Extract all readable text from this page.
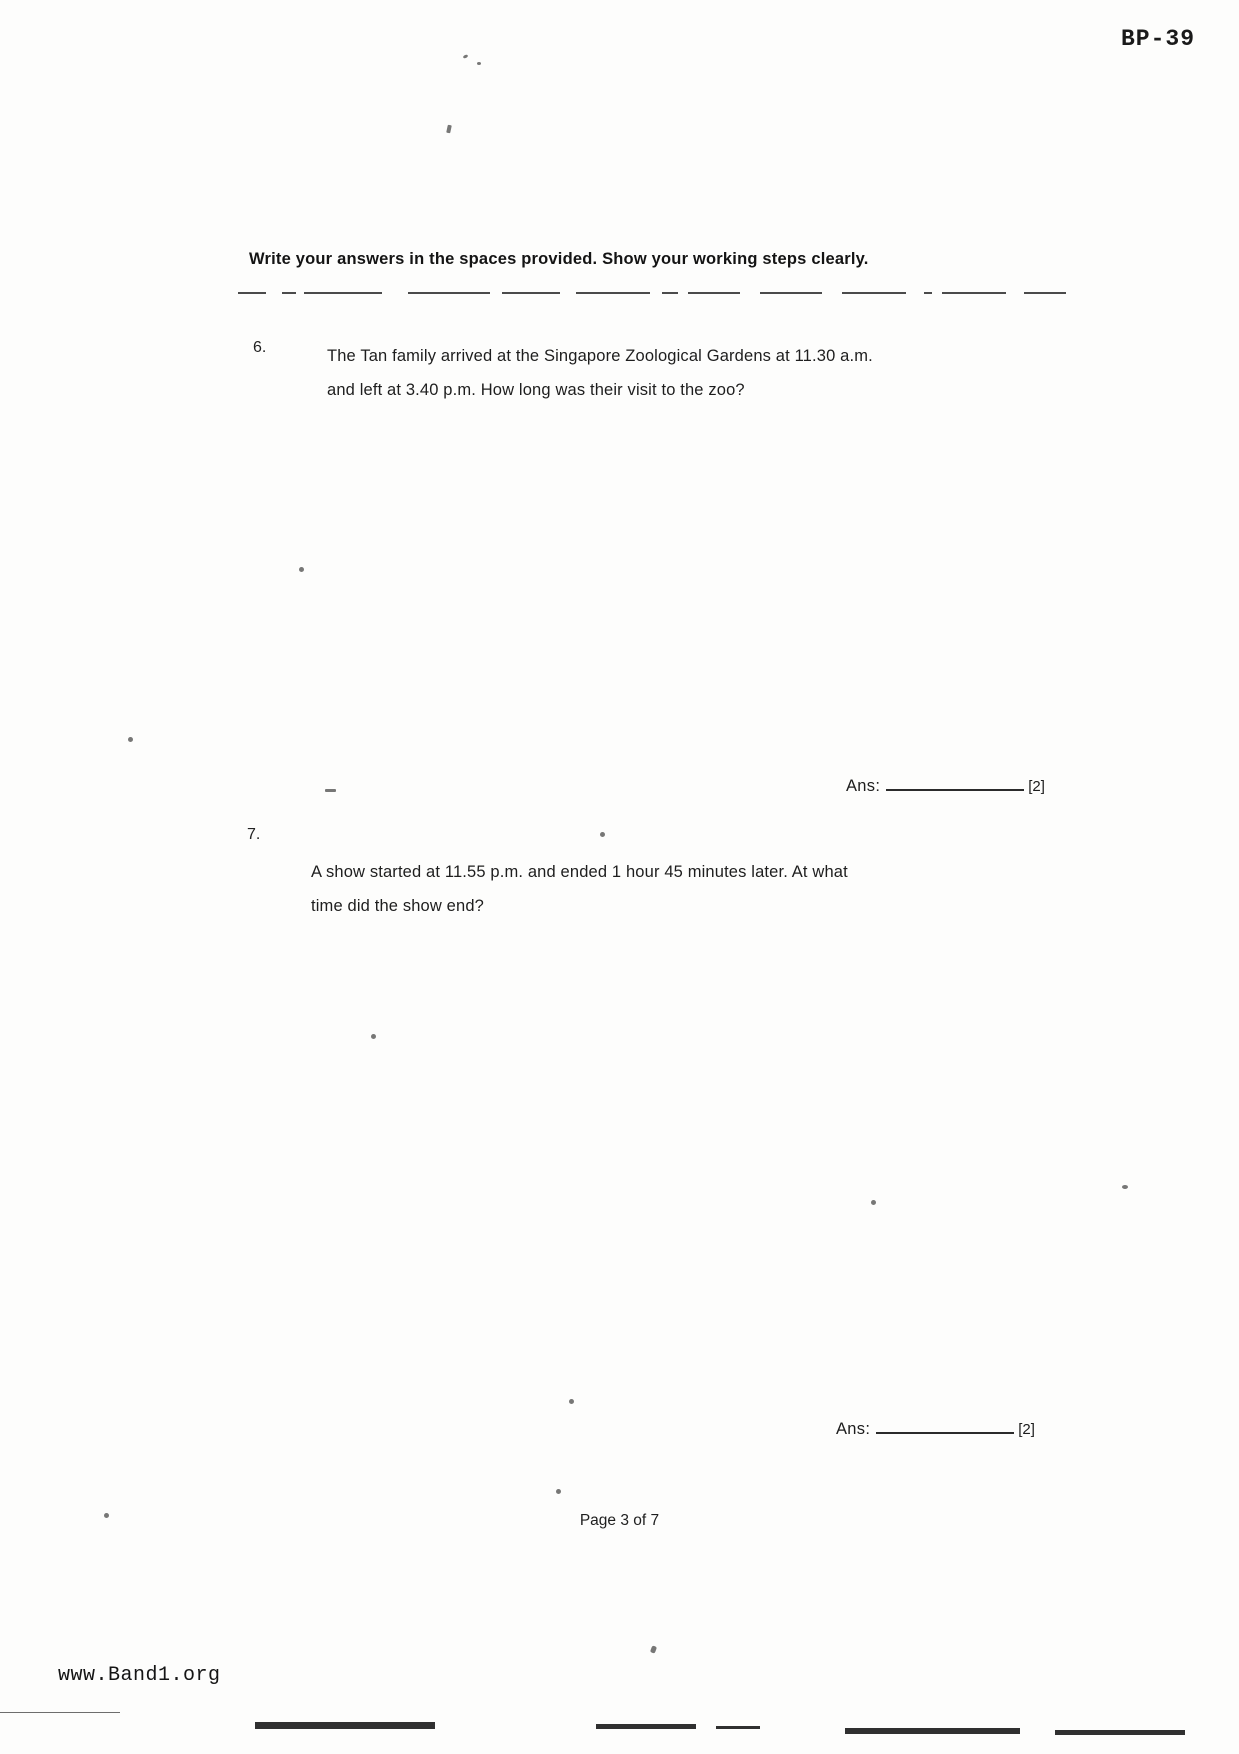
BP-39
Write your answers in the spaces provided. Show your working steps clearly.
6.	The Tan family arrived at the Singapore Zoological Gardens at 11.30 a.m.
and left at 3.40 p.m. How long was their visit to the zoo?
Ans:	[2]
7.
A show started at 11.55 p.m. and ended 1 hour 45 minutes later. At what
time did the show end?
Ans:	[2]
Page 3 of 7
www.Band1.org
